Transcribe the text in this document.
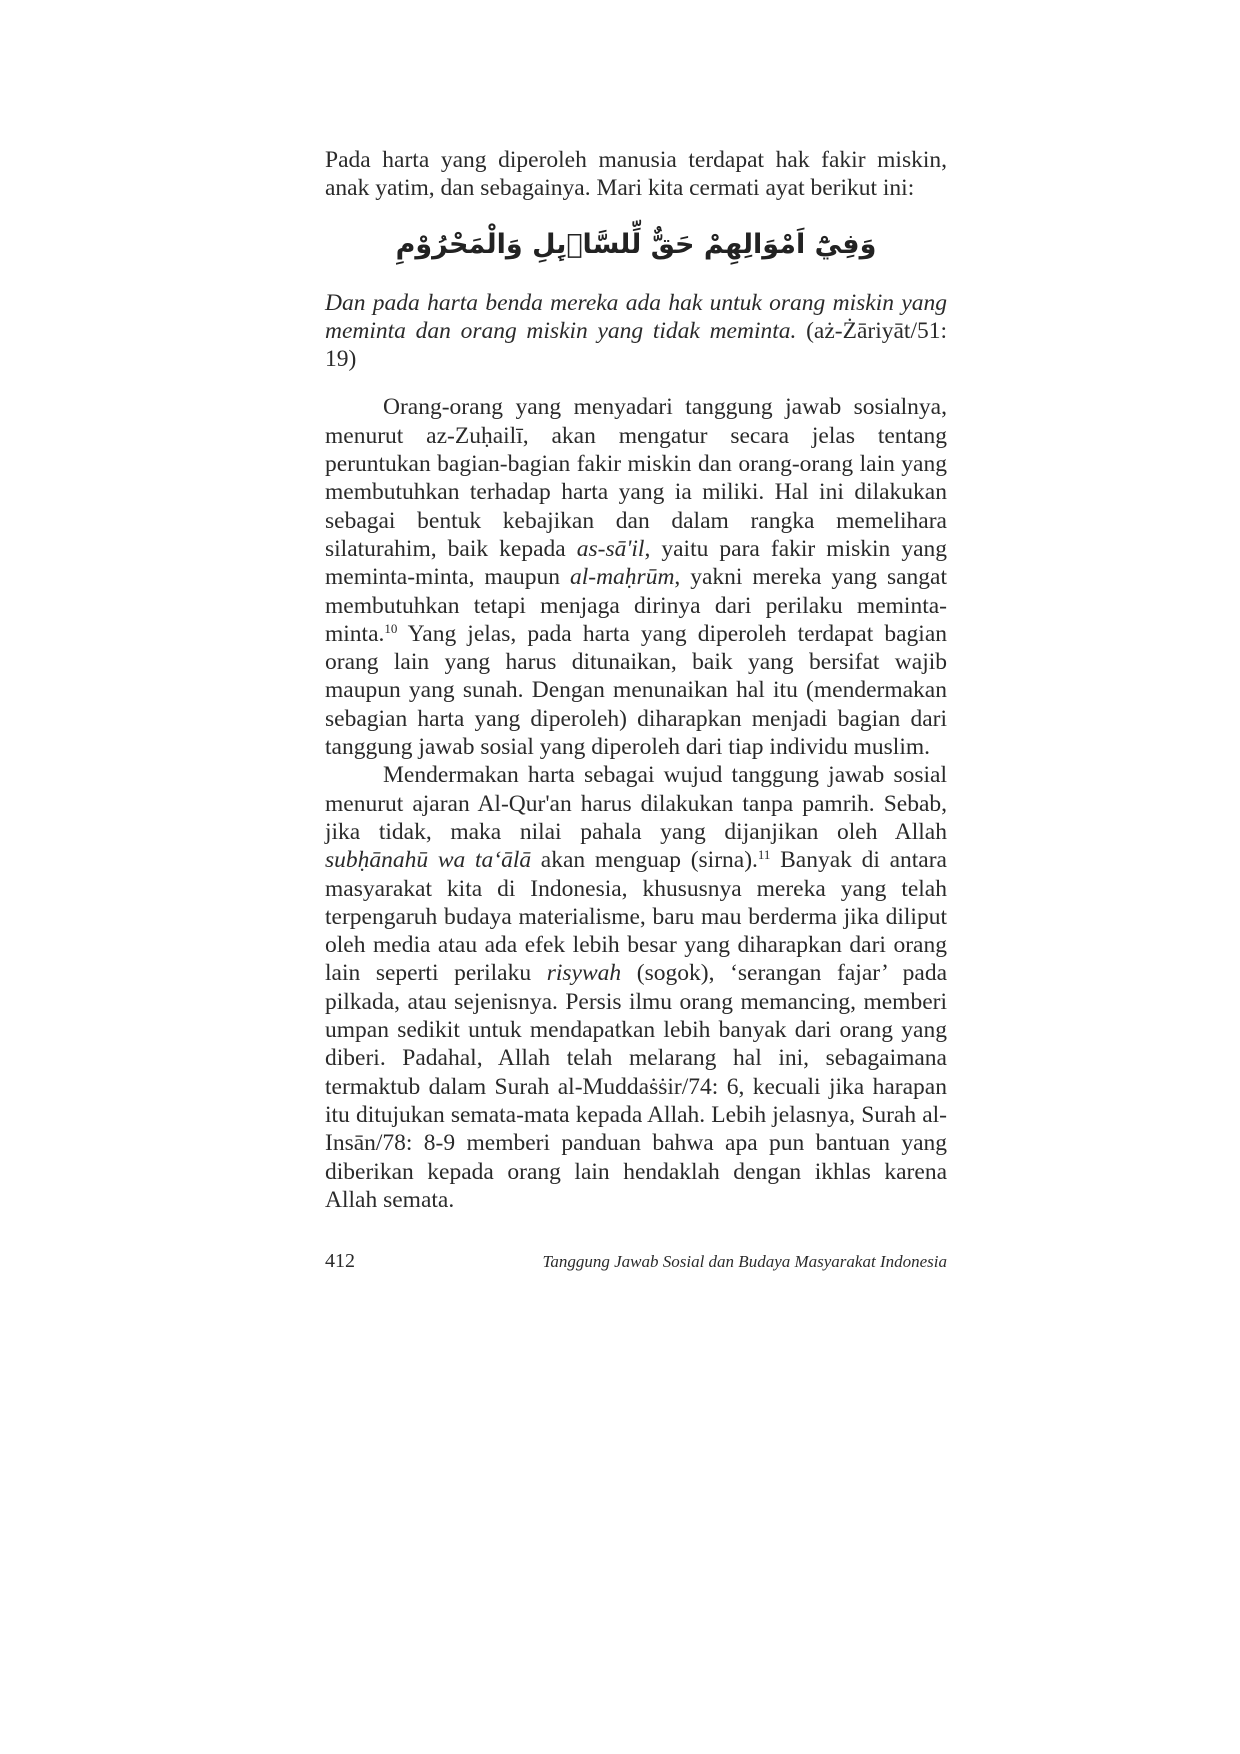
Pada harta yang diperoleh manusia terdapat hak fakir miskin, anak yatim, dan sebagainya. Mari kita cermati ayat berikut ini:

وَفِيْٓ اَمْوَالِهِمْ حَقٌّ لِّلسَّاۤىِٕلِ وَالْمَحْرُوْمِ

Dan pada harta benda mereka ada hak untuk orang miskin yang meminta dan orang miskin yang tidak meminta. (aż-Żāriyāt/51: 19)

Orang-orang yang menyadari tanggung jawab sosialnya, menurut az-Zuḥailī, akan mengatur secara jelas tentang peruntukan bagian-bagian fakir miskin dan orang-orang lain yang membutuhkan terhadap harta yang ia miliki. Hal ini dilakukan sebagai bentuk kebajikan dan dalam rangka memelihara silaturahim, baik kepada as-sā'il, yaitu para fakir miskin yang meminta-minta, maupun al-maḥrūm, yakni mereka yang sangat membutuhkan tetapi menjaga dirinya dari perilaku meminta-minta.$^{10}$ Yang jelas, pada harta yang diperoleh terdapat bagian orang lain yang harus ditunaikan, baik yang bersifat wajib maupun yang sunah. Dengan menunaikan hal itu (mendermakan sebagian harta yang diperoleh) diharapkan menjadi bagian dari tanggung jawab sosial yang diperoleh dari tiap individu muslim.

Mendermakan harta sebagai wujud tanggung jawab sosial menurut ajaran Al-Qur'an harus dilakukan tanpa pamrih. Sebab, jika tidak, maka nilai pahala yang dijanjikan oleh Allah subḥānahū wa ta‘ālā akan menguap (sirna).$^{11}$ Banyak di antara masyarakat kita di Indonesia, khususnya mereka yang telah terpengaruh budaya materialisme, baru mau berderma jika diliput oleh media atau ada efek lebih besar yang diharapkan dari orang lain seperti perilaku risywah (sogok), ‘serangan fajar’ pada pilkada, atau sejenisnya. Persis ilmu orang memancing, memberi umpan sedikit untuk mendapatkan lebih banyak dari orang yang diberi. Padahal, Allah telah melarang hal ini, sebagaimana termaktub dalam Surah al-Muddaṡṡir/74: 6, kecuali jika harapan itu ditujukan semata-mata kepada Allah. Lebih jelasnya, Surah al-Insān/78: 8-9 memberi panduan bahwa apa pun bantuan yang diberikan kepada orang lain hendaklah dengan ikhlas karena Allah semata.

412	Tanggung Jawab Sosial dan Budaya Masyarakat Indonesia
